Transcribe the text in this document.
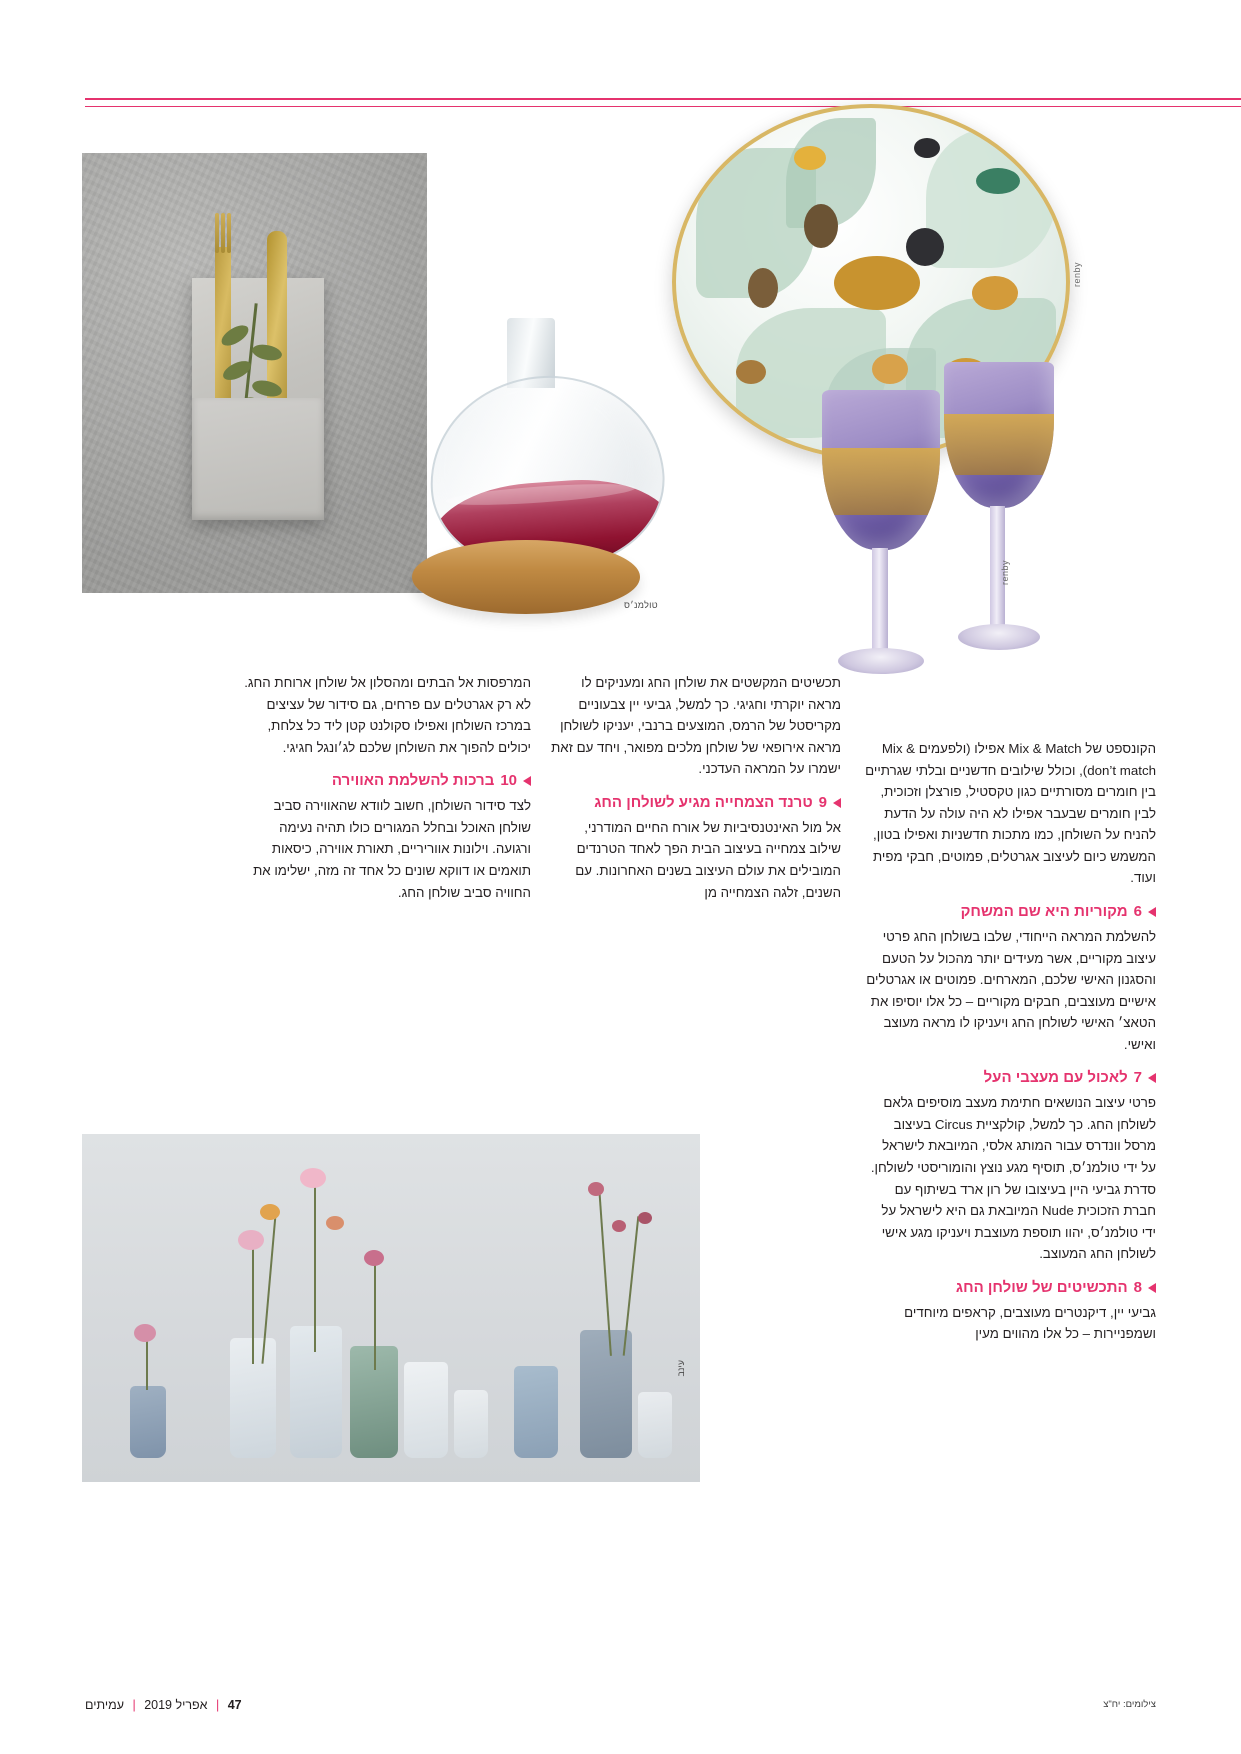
טולמנ׳ס
renby
renby

הקונספט של Mix & Match אפילו (ולפעמים Mix & don’t match), וכולל שילובים חדשניים ובלתי שגרתיים בין חומרים מסורתיים כגון טקסטיל, פורצלן וזכוכית, לבין חומרים שבעבר אפילו לא היה עולה על הדעת להניח על השולחן, כמו מתכות חדשניות ואפילו בטון, המשמש כיום לעיצוב אגרטלים, פמוטים, חבקי מפית ועוד.

6
מקוריות היא שם המשחק

להשלמת המראה הייחודי, שלבו בשולחן החג פרטי עיצוב מקוריים, אשר מעידים יותר מהכול על הטעם והסגנון האישי שלכם, המארחים. פמוטים או אגרטלים אישיים מעוצבים, חבקים מקוריים – כל אלו יוסיפו את הטאצ׳ האישי לשולחן החג ויעניקו לו מראה מעוצב ואישי.

7
לאכול עם מעצבי העל

פרטי עיצוב הנושאים חתימת מעצב מוסיפים גלאם לשולחן החג. כך למשל, קולקציית Circus בעיצוב מרסל וונדרס עבור המותג אלסי, המיובאת לישראל על ידי טולמנ׳ס, תוסיף מגע נוצץ והומוריסטי לשולחן. סדרת גביעי היין בעיצובו של רון ארד בשיתוף עם חברת הזכוכית Nude המיובאת גם היא לישראל על ידי טולמנ׳ס, יהוו תוספת מעוצבת ויעניקו מגע אישי לשולחן החג המעוצב.

8
התכשיטים של שולחן החג

גביעי יין, דיקנטרים מעוצבים, קראפים מיוחדים ושמפניירות – כל אלו מהווים מעין

תכשיטים המקשטים את שולחן החג ומעניקים לו מראה יוקרתי וחגיגי. כך למשל, גביעי יין צבעוניים מקריסטל של הרמס, המוצעים ברנבי, יעניקו לשולחן מראה אירופאי של שולחן מלכים מפואר, ויחד עם זאת ישמרו על המראה העדכני.

9
טרנד הצמחייה מגיע לשולחן החג

אל מול האינטנסיביות של אורח החיים המודרני, שילוב צמחייה בעיצוב הבית הפך לאחד הטרנדים המובילים את עולם העיצוב בשנים האחרונות. עם השנים, זלגה הצמחייה מן

המרפסות אל הבתים ומהסלון אל שולחן ארוחת החג. לא רק אגרטלים עם פרחים, גם סידור של עציצים במרכז השולחן ואפילו סקולנט קטן ליד כל צלחת, יכולים להפוך את השולחן שלכם לג׳ונגל חגיגי.

10
ברכות להשלמת האווירה

לצד סידור השולחן, חשוב לוודא שהאווירה סביב שולחן האוכל ובחלל המגורים כולו תהיה נעימה ורגועה. וילונות אווריריים, תאורת אווירה, כיסאות תואמים או דווקא שונים כל אחד זה מזה, ישלימו את החוויה סביב שולחן החג.

עינב
47 | אפריל 2019 | עמיתים	צילומים: יח"צ
